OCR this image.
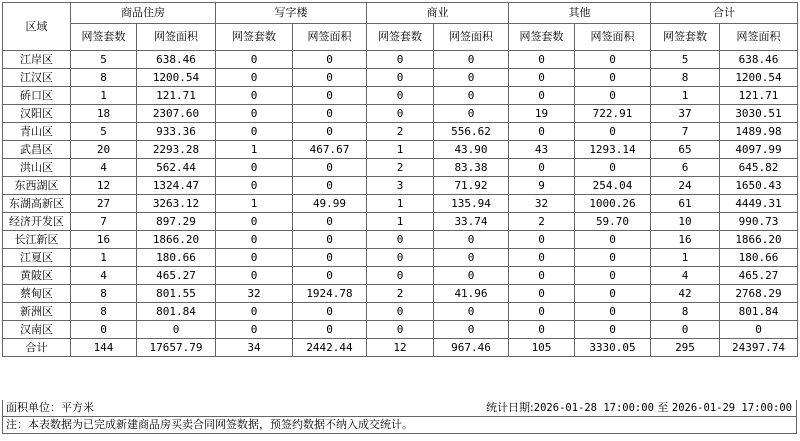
区域	商品住房		写字楼		商业		其他		合计	
	网签套数	网签面积	网签套数	网签面积	网签套数	网签面积	网签套数	网签面积	网签套数	网签面积
江岸区	5	638.46	0	0	0	0	0	0	5	638.46
江汉区	8	1200.54	0	0	0	0	0	0	8	1200.54
硚口区	1	121.71	0	0	0	0	0	0	1	121.71
汉阳区	18	2307.60	0	0	0	0	19	722.91	37	3030.51
青山区	5	933.36	0	0	2	556.62	0	0	7	1489.98
武昌区	20	2293.28	1	467.67	1	43.90	43	1293.14	65	4097.99
洪山区	4	562.44	0	0	2	83.38	0	0	6	645.82
东西湖区	12	1324.47	0	0	3	71.92	9	254.04	24	1650.43
东湖高新区	27	3263.12	1	49.99	1	135.94	32	1000.26	61	4449.31
经济开发区	7	897.29	0	0	1	33.74	2	59.70	10	990.73
长江新区	16	1866.20	0	0	0	0	0	0	16	1866.20
江夏区	1	180.66	0	0	0	0	0	0	1	180.66
黄陂区	4	465.27	0	0	0	0	0	0	4	465.27
蔡甸区	8	801.55	32	1924.78	2	41.96	0	0	42	2768.29
新洲区	8	801.84	0	0	0	0	0	0	8	801.84
汉南区	0	0	0	0	0	0	0	0	0	0
合计	144	17657.79	34	2442.44	12	967.46	105	3330.05	295	24397.74
面积单位：平方米	统计日期:2026-01-28 17:00:00 至 2026-01-29 17:00:00
注：本表数据为已完成新建商品房买卖合同网签数据，预签约数据不纳入成交统计。
